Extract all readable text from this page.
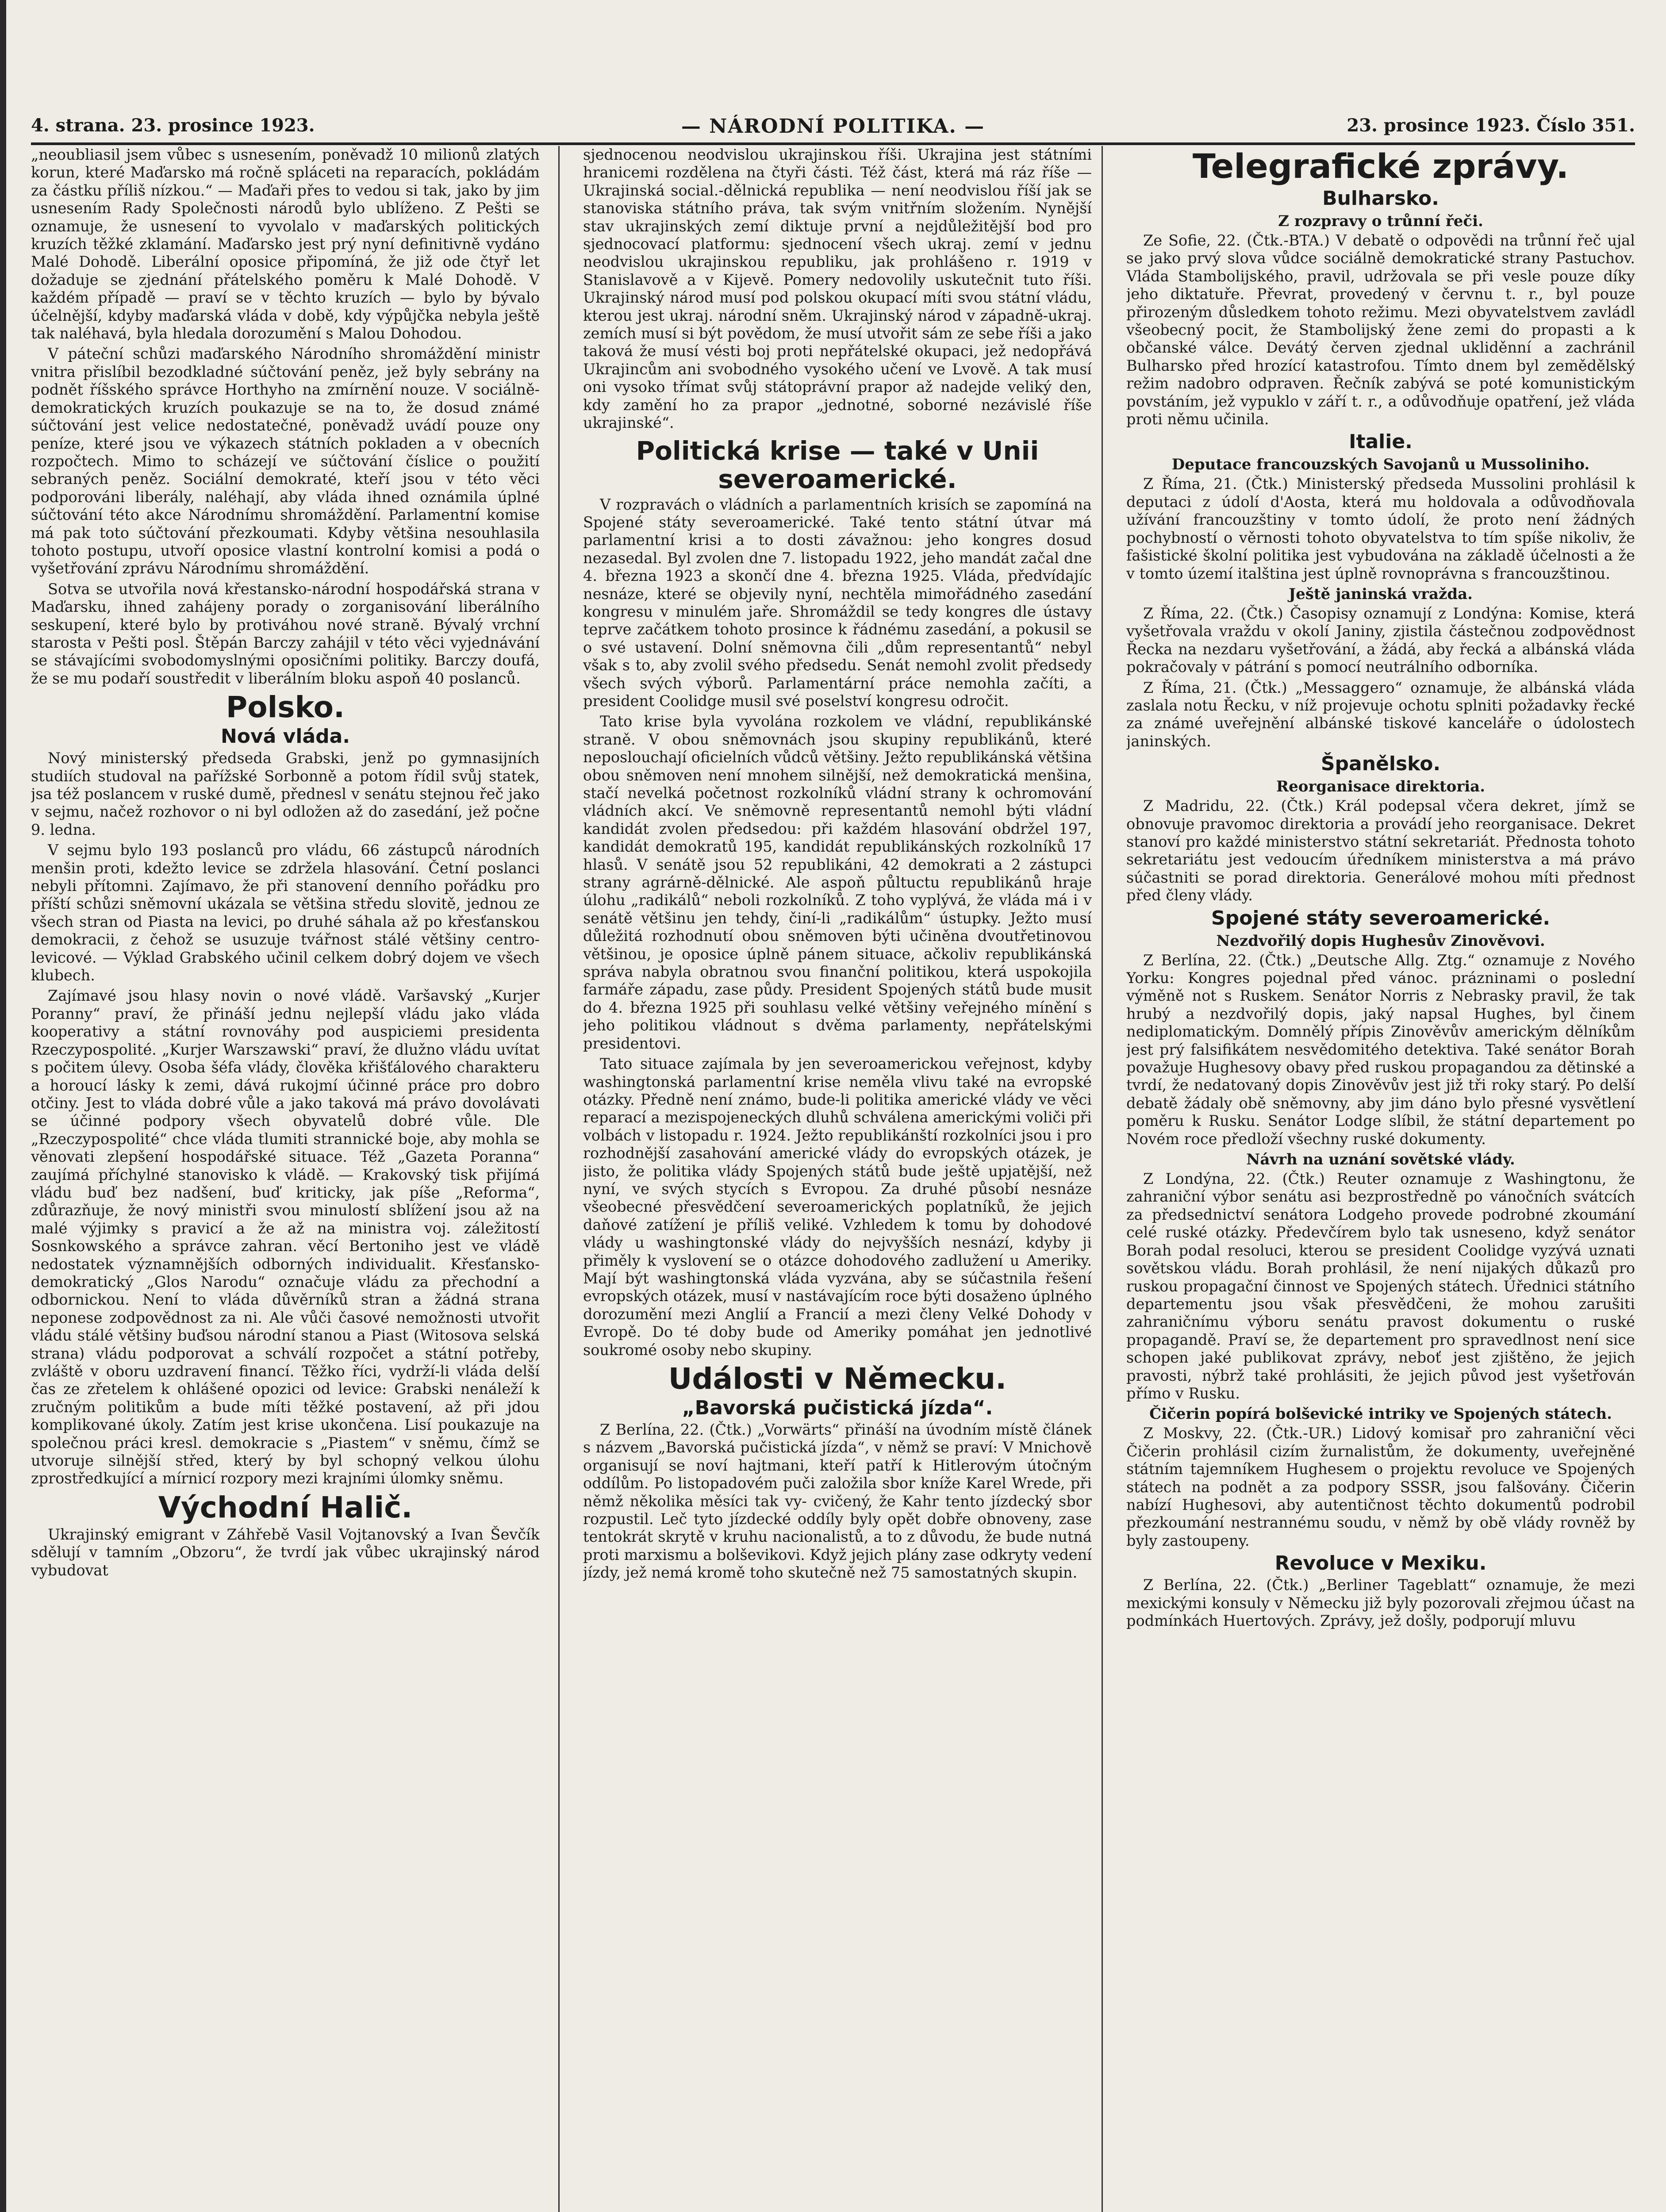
4. strana. 23. prosince 1923.	— NÁRODNÍ POLITIKA. —	23. prosince 1923. Číslo 351.

„neoubliasil jsem vůbec s usnesením, poněvadž 10 milionů zlatých korun, které Maďarsko má ročně spláceti na reparacích, pokládám za částku příliš nízkou.“ — Maďaři přes to vedou si tak, jako by jim usnesením Rady Společnosti národů bylo ublíženo. Z Pešti se oznamuje, že usnesení to vyvolalo v maďarských politických kruzích těžké zklamání. Maďarsko jest prý nyní definitivně vydáno Malé Dohodě. Liberální oposice připomíná, že již ode čtyř let dožaduje se zjednání přátelského poměru k Malé Dohodě. V každém případě — praví se v těchto kruzích — bylo by bývalo účelnější, kdyby maďarská vláda v době, kdy výpůjčka nebyla ještě tak naléhavá, byla hledala dorozumění s Malou Dohodou.

V páteční schůzi maďarského Národního shromáždění ministr vnitra přislíbil bezodkladné súčtování peněz, jež byly sebrány na podnět říšského správce Horthyho na zmírnění nouze. V sociálně-demokratických kruzích poukazuje se na to, že dosud známé súčtování jest velice nedostatečné, poněvadž uvádí pouze ony peníze, které jsou ve výkazech státních pokladen a v obecních rozpočtech. Mimo to scházejí ve súčtování číslice o použití sebraných peněz. Sociální demokraté, kteří jsou v této věci podporováni liberály, naléhají, aby vláda ihned oznámila úplné súčtování této akce Národnímu shromáždění. Parlamentní komise má pak toto súčtování přezkoumati. Kdyby většina nesouhlasila tohoto postupu, utvoří oposice vlastní kontrolní komisi a podá o vyšetřování zprávu Národnímu shromáždění.

Sotva se utvořila nová křestansko-národní hospodářská strana v Maďarsku, ihned zahájeny porady o zorganisování liberálního seskupení, které bylo by protiváhou nové straně. Bývalý vrchní starosta v Pešti posl. Štěpán Barczy zahájil v této věci vyjednávání se stávajícími svobodomyslnými oposičními politiky. Barczy doufá, že se mu podaří soustředit v liberálním bloku aspoň 40 poslanců.

Polsko.
Nová vláda.

Nový ministerský předseda Grabski, jenž po gymnasijních studiích studoval na pařížské Sorbonně a potom řídil svůj statek, jsa též poslancem v ruské dumě, přednesl v senátu stejnou řeč jako v sejmu, načež rozhovor o ni byl odložen až do zasedání, jež počne 9. ledna.

V sejmu bylo 193 poslanců pro vládu, 66 zástupců národních menšin proti, kdežto levice se zdržela hlasování. Četní poslanci nebyli přítomni. Zajímavo, že při stanovení denního pořádku pro příští schůzi sněmovní ukázala se většina středu slovitě, jednou ze všech stran od Piasta na levici, po druhé sáhala až po křesťanskou demokracii, z čehož se usuzuje tvářnost stálé většiny centro-levicové. — Výklad Grabského učinil celkem dobrý dojem ve všech klubech.

Zajímavé jsou hlasy novin o nové vládě. Varšavský „Kurjer Poranny“ praví, že přináší jednu nejlepší vládu jako vláda kooperativy a státní rovnováhy pod auspiciemi presidenta Rzeczypospolité. „Kurjer Warszawski“ praví, že dlužno vládu uvítat s počitem úlevy. Osoba šéfa vlády, člověka křišťálového charakteru a horoucí lásky k zemi, dává rukojmí účinné práce pro dobro otčiny. Jest to vláda dobré vůle a jako taková má právo dovolávati se účinné podpory všech obyvatelů dobré vůle. Dle „Rzeczypospolité“ chce vláda tlumiti strannické boje, aby mohla se věnovati zlepšení hospodářské situace. Též „Gazeta Poranna“ zaujímá příchylné stanovisko k vládě. — Krakovský tisk přijímá vládu buď bez nadšení, buď kriticky, jak píše „Reforma“, zdůrazňuje, že nový ministři svou minulostí sblížení jsou až na malé výjimky s pravicí a že až na ministra voj. záležitostí Sosnkowského a správce zahran. věcí Bertoniho jest ve vládě nedostatek významnějších odborných individualit. Křesťansko-demokratický „Glos Narodu“ označuje vládu za přechodní a odbornickou. Není to vláda důvěrníků stran a žádná strana neponese zodpovědnost za ni. Ale vůči časové nemožnosti utvořit vládu stálé většiny buďsou národní stanou a Piast (Witosova selská strana) vládu podporovat a schválí rozpočet a státní potřeby, zvláště v oboru uzdravení financí. Těžko říci, vydrží-li vláda delší čas ze zřetelem k ohlášené opozici od levice: Grabski nenáleží k zručným politikům a bude míti těžké postavení, až při jdou komplikované úkoly. Zatím jest krise ukončena. Lisí poukazuje na společnou práci kresl. demokracie s „Piastem“ v sněmu, čímž se utvoruje silnější střed, který by byl schopný velkou úlohu zprostředkující a mírnicí rozpory mezi krajními úlomky sněmu.

Východní Halič.

Ukrajinský emigrant v Záhřebě Vasil Vojtanovský a Ivan Ševčík sdělují v tamním „Obzoru“, že tvrdí jak vůbec ukrajinský národ vybudovat

sjednocenou neodvislou ukrajinskou říši. Ukrajina jest státními hranicemi rozdělena na čtyři části. Též část, která má ráz říše — Ukrajinská social.-dělnická republika — není neodvislou říší jak se stanoviska státního práva, tak svým vnitřním složením. Nynější stav ukrajinských zemí diktuje první a nejdůležitější bod pro sjednocovací platformu: sjednocení všech ukraj. zemí v jednu neodvislou ukrajinskou republiku, jak prohlášeno r. 1919 v Stanislavově a v Kijevě. Pomery nedovolily uskutečnit tuto říši. Ukrajinský národ musí pod polskou okupací míti svou státní vládu, kterou jest ukraj. národní sněm. Ukrajinský národ v západně-ukraj. zemích musí si být povědom, že musí utvořit sám ze sebe říši a jako taková že musí vésti boj proti nepřátelské okupaci, jež nedopřává Ukrajincům ani svobodného vysokého učení ve Lvově. A tak musí oni vysoko třímat svůj státoprávní prapor až nadejde veliký den, kdy zamění ho za prapor „jednotné, soborné nezávislé říše ukrajinské“.

Politická krise — také v Unii severoamerické.

V rozpravách o vládních a parlamentních krisích se zapomíná na Spojené státy severoamerické. Také tento státní útvar má parlamentní krisi a to dosti závažnou: jeho kongres dosud nezasedal. Byl zvolen dne 7. listopadu 1922, jeho mandát začal dne 4. března 1923 a skončí dne 4. března 1925. Vláda, předvídajíc nesnáze, které se objevily nyní, nechtěla mimořádného zasedání kongresu v minulém jaře. Shromáždil se tedy kongres dle ústavy teprve začátkem tohoto prosince k řádnému zasedání, a pokusil se o své ustavení. Dolní sněmovna čili „dům representantů“ nebyl však s to, aby zvolil svého předsedu. Senát nemohl zvolit předsedy všech svých výborů. Parlamentární práce nemohla začíti, a president Coolidge musil své poselství kongresu odročit.

Tato krise byla vyvolána rozkolem ve vládní, republikánské straně. V obou sněmovnách jsou skupiny republikánů, které neposlouchají oficielních vůdců většiny. Ježto republikánská většina obou sněmoven není mnohem silnější, než demokratická menšina, stačí nevelká početnost rozkolníků vládní strany k ochromování vládních akcí. Ve sněmovně representantů nemohl býti vládní kandidát zvolen předsedou: při každém hlasování obdržel 197, kandidát demokratů 195, kandidát republikánských rozkolníků 17 hlasů. V senátě jsou 52 republikáni, 42 demokrati a 2 zástupci strany agrárně-dělnické. Ale aspoň půltuctu republikánů hraje úlohu „radikálů“ neboli rozkolníků. Z toho vyplývá, že vláda má i v senátě většinu jen tehdy, činí-li „radikálům“ ústupky. Ježto musí důležitá rozhodnutí obou sněmoven býti učiněna dvoutřetinovou většinou, je oposice úplně pánem situace, ačkoliv republikánská správa nabyla obratnou svou finanční politikou, která uspokojila farmáře západu, zase půdy. President Spojených států bude musit do 4. března 1925 při souhlasu velké většiny veřejného mínění s jeho politikou vládnout s dvěma parlamenty, nepřátelskými presidentovi.

Tato situace zajímala by jen severoamerickou veřejnost, kdyby washingtonská parlamentní krise neměla vlivu také na evropské otázky. Předně není známo, bude-li politika americké vlády ve věci reparací a mezispojeneckých dluhů schválena americkými voliči při volbách v listopadu r. 1924. Ježto republikánští rozkolníci jsou i pro rozhodnější zasahování americké vlády do evropských otázek, je jisto, že politika vlády Spojených států bude ještě upjatější, než nyní, ve svých stycích s Evropou. Za druhé působí nesnáze všeobecné přesvědčení severoamerických poplatníků, že jejich daňové zatížení je příliš veliké. Vzhledem k tomu by dohodové vlády u washingtonské vlády do nejvyšších nesnází, kdyby ji přiměly k vyslovení se o otázce dohodového zadlužení u Ameriky. Mají být washingtonská vláda vyzvána, aby se súčastnila řešení evropských otázek, musí v nastávajícím roce býti dosaženo úplného dorozumění mezi Anglií a Francií a mezi členy Velké Dohody v Evropě. Do té doby bude od Ameriky pomáhat jen jednotlivé soukromé osoby nebo skupiny.

Události v Německu.
„Bavorská pučistická jízda“.

Z Berlína, 22. (Čtk.) „Vorwärts“ přináší na úvodním místě článek s názvem „Bavorská pučistická jízda“, v němž se praví: V Mnichově organisují se noví hajtmani, kteří patří k Hitlerovým útočným oddílům. Po listopadovém puči založila sbor kníže Karel Wrede, při němž několika měsíci tak vy- cvičený, že Kahr tento jízdecký sbor rozpustil. Leč tyto jízdecké oddíly byly opět dobře obnoveny, zase tentokrát skrytě v kruhu nacionalistů, a to z důvodu, že bude nutná proti marxismu a bolševikovi. Když jejich plány zase odkryty vedení jízdy, jež nemá kromě toho skutečně než 75 samostatných skupin.

Telegrafické zprávy.
Bulharsko.
Z rozpravy o trůnní řeči.

Ze Sofie, 22. (Čtk.-BTA.) V debatě o odpovědi na trůnní řeč ujal se jako prvý slova vůdce sociálně demokratické strany Pastuchov. Vláda Stambolijského, pravil, udržovala se při vesle pouze díky jeho diktatuře. Převrat, provedený v červnu t. r., byl pouze přirozeným důsledkem tohoto režimu. Mezi obyvatelstvem zavládl všeobecný pocit, že Stambolijský žene zemi do propasti a k občanské válce. Devátý červen zjednal ukliděnní a zachránil Bulharsko před hrozící katastrofou. Tímto dnem byl zemědělský režim nadobro odpraven. Řečník zabývá se poté komunistickým povstáním, jež vypuklo v září t. r., a odůvodňuje opatření, jež vláda proti němu učinila.

Italie.
Deputace francouzských Savojanů u Mussoliniho.

Z Říma, 21. (Čtk.) Ministerský předseda Mussolini prohlásil k deputaci z údolí d'Aosta, která mu holdovala a odůvodňovala užívání francouzštiny v tomto údolí, že proto není žádných pochybností o věrnosti tohoto obyvatelstva to tím spíše nikoliv, že fašistické školní politika jest vybudována na základě účelnosti a že v tomto území italština jest úplně rovnoprávna s francouzštinou.

Ještě janinská vražda.

Z Říma, 22. (Čtk.) Časopisy oznamují z Londýna: Komise, která vyšetřovala vraždu v okolí Janiny, zjistila částečnou zodpovědnost Řecka na nezdaru vyšetřování, a žádá, aby řecká a albánská vláda pokračovaly v pátrání s pomocí neutrálního odborníka.

Z Říma, 21. (Čtk.) „Messaggero“ oznamuje, že albánská vláda zaslala notu Řecku, v níž projevuje ochotu splniti požadavky řecké za známé uveřejnění albánské tiskové kanceláře o údolostech janinských.

Španělsko.
Reorganisace direktoria.

Z Madridu, 22. (Čtk.) Král podepsal včera dekret, jímž se obnovuje pravomoc direktoria a provádí jeho reorganisace. Dekret stanoví pro každé ministerstvo státní sekretariát. Přednosta tohoto sekretariátu jest vedoucím úředníkem ministerstva a má právo súčastniti se porad direktoria. Generálové mohou míti přednost před členy vlády.

Spojené státy severoamerické.
Nezdvořilý dopis Hughesův Zinověvovi.

Z Berlína, 22. (Čtk.) „Deutsche Allg. Ztg.“ oznamuje z Nového Yorku: Kongres pojednal před vánoc. prázninami o poslední výměně not s Ruskem. Senátor Norris z Nebrasky pravil, že tak hrubý a nezdvořilý dopis, jaký napsal Hughes, byl činem nediplomatickým. Domnělý přípis Zinověvův americkým dělníkům jest prý falsifikátem nesvědomitého detektiva. Také senátor Borah považuje Hughesovy obavy před ruskou propagandou za dětinské a tvrdí, že nedatovaný dopis Zinověvův jest již tři roky starý. Po delší debatě žádaly obě sněmovny, aby jim dáno bylo přesné vysvětlení poměru k Rusku. Senátor Lodge slíbil, že státní departement po Novém roce předloží všechny ruské dokumenty.

Návrh na uznání sovětské vlády.

Z Londýna, 22. (Čtk.) Reuter oznamuje z Washingtonu, že zahraniční výbor senátu asi bezprostředně po vánočních svátcích za předsednictví senátora Lodgeho provede podrobné zkoumání celé ruské otázky. Předevčírem bylo tak usneseno, když senátor Borah podal resoluci, kterou se president Coolidge vyzývá uznati sovětskou vládu. Borah prohlásil, že není nijakých důkazů pro ruskou propagační činnost ve Spojených státech. Úřednici státního departementu jsou však přesvědčeni, že mohou zarušiti zahraničnímu výboru senátu pravost dokumentu o ruské propagandě. Praví se, že departement pro spravedlnost není sice schopen jaké publikovat zprávy, neboť jest zjištěno, že jejich pravosti, nýbrž také prohlásiti, že jejich původ jest vyšetřován přímo v Rusku.

Čičerin popírá bolševické intriky ve Spojených státech.

Z Moskvy, 22. (Čtk.-UR.) Lidový komisař pro zahraniční věci Čičerin prohlásil cizím žurnalistům, že dokumenty, uveřejněné státním tajemníkem Hughesem o projektu revoluce ve Spojených státech na podnět a za podpory SSSR, jsou falšovány. Čičerin nabízí Hughesovi, aby autentičnost těchto dokumentů podrobil přezkoumání nestrannému soudu, v němž by obě vlády rovněž by byly zastoupeny.

Revoluce v Mexiku.

Z Berlína, 22. (Čtk.) „Berliner Tageblatt“ oznamuje, že mezi mexickými konsuly v Německu již byly pozorovali zřejmou účast na podmínkách Huertových. Zprávy, jež došly, podporují mluvu
